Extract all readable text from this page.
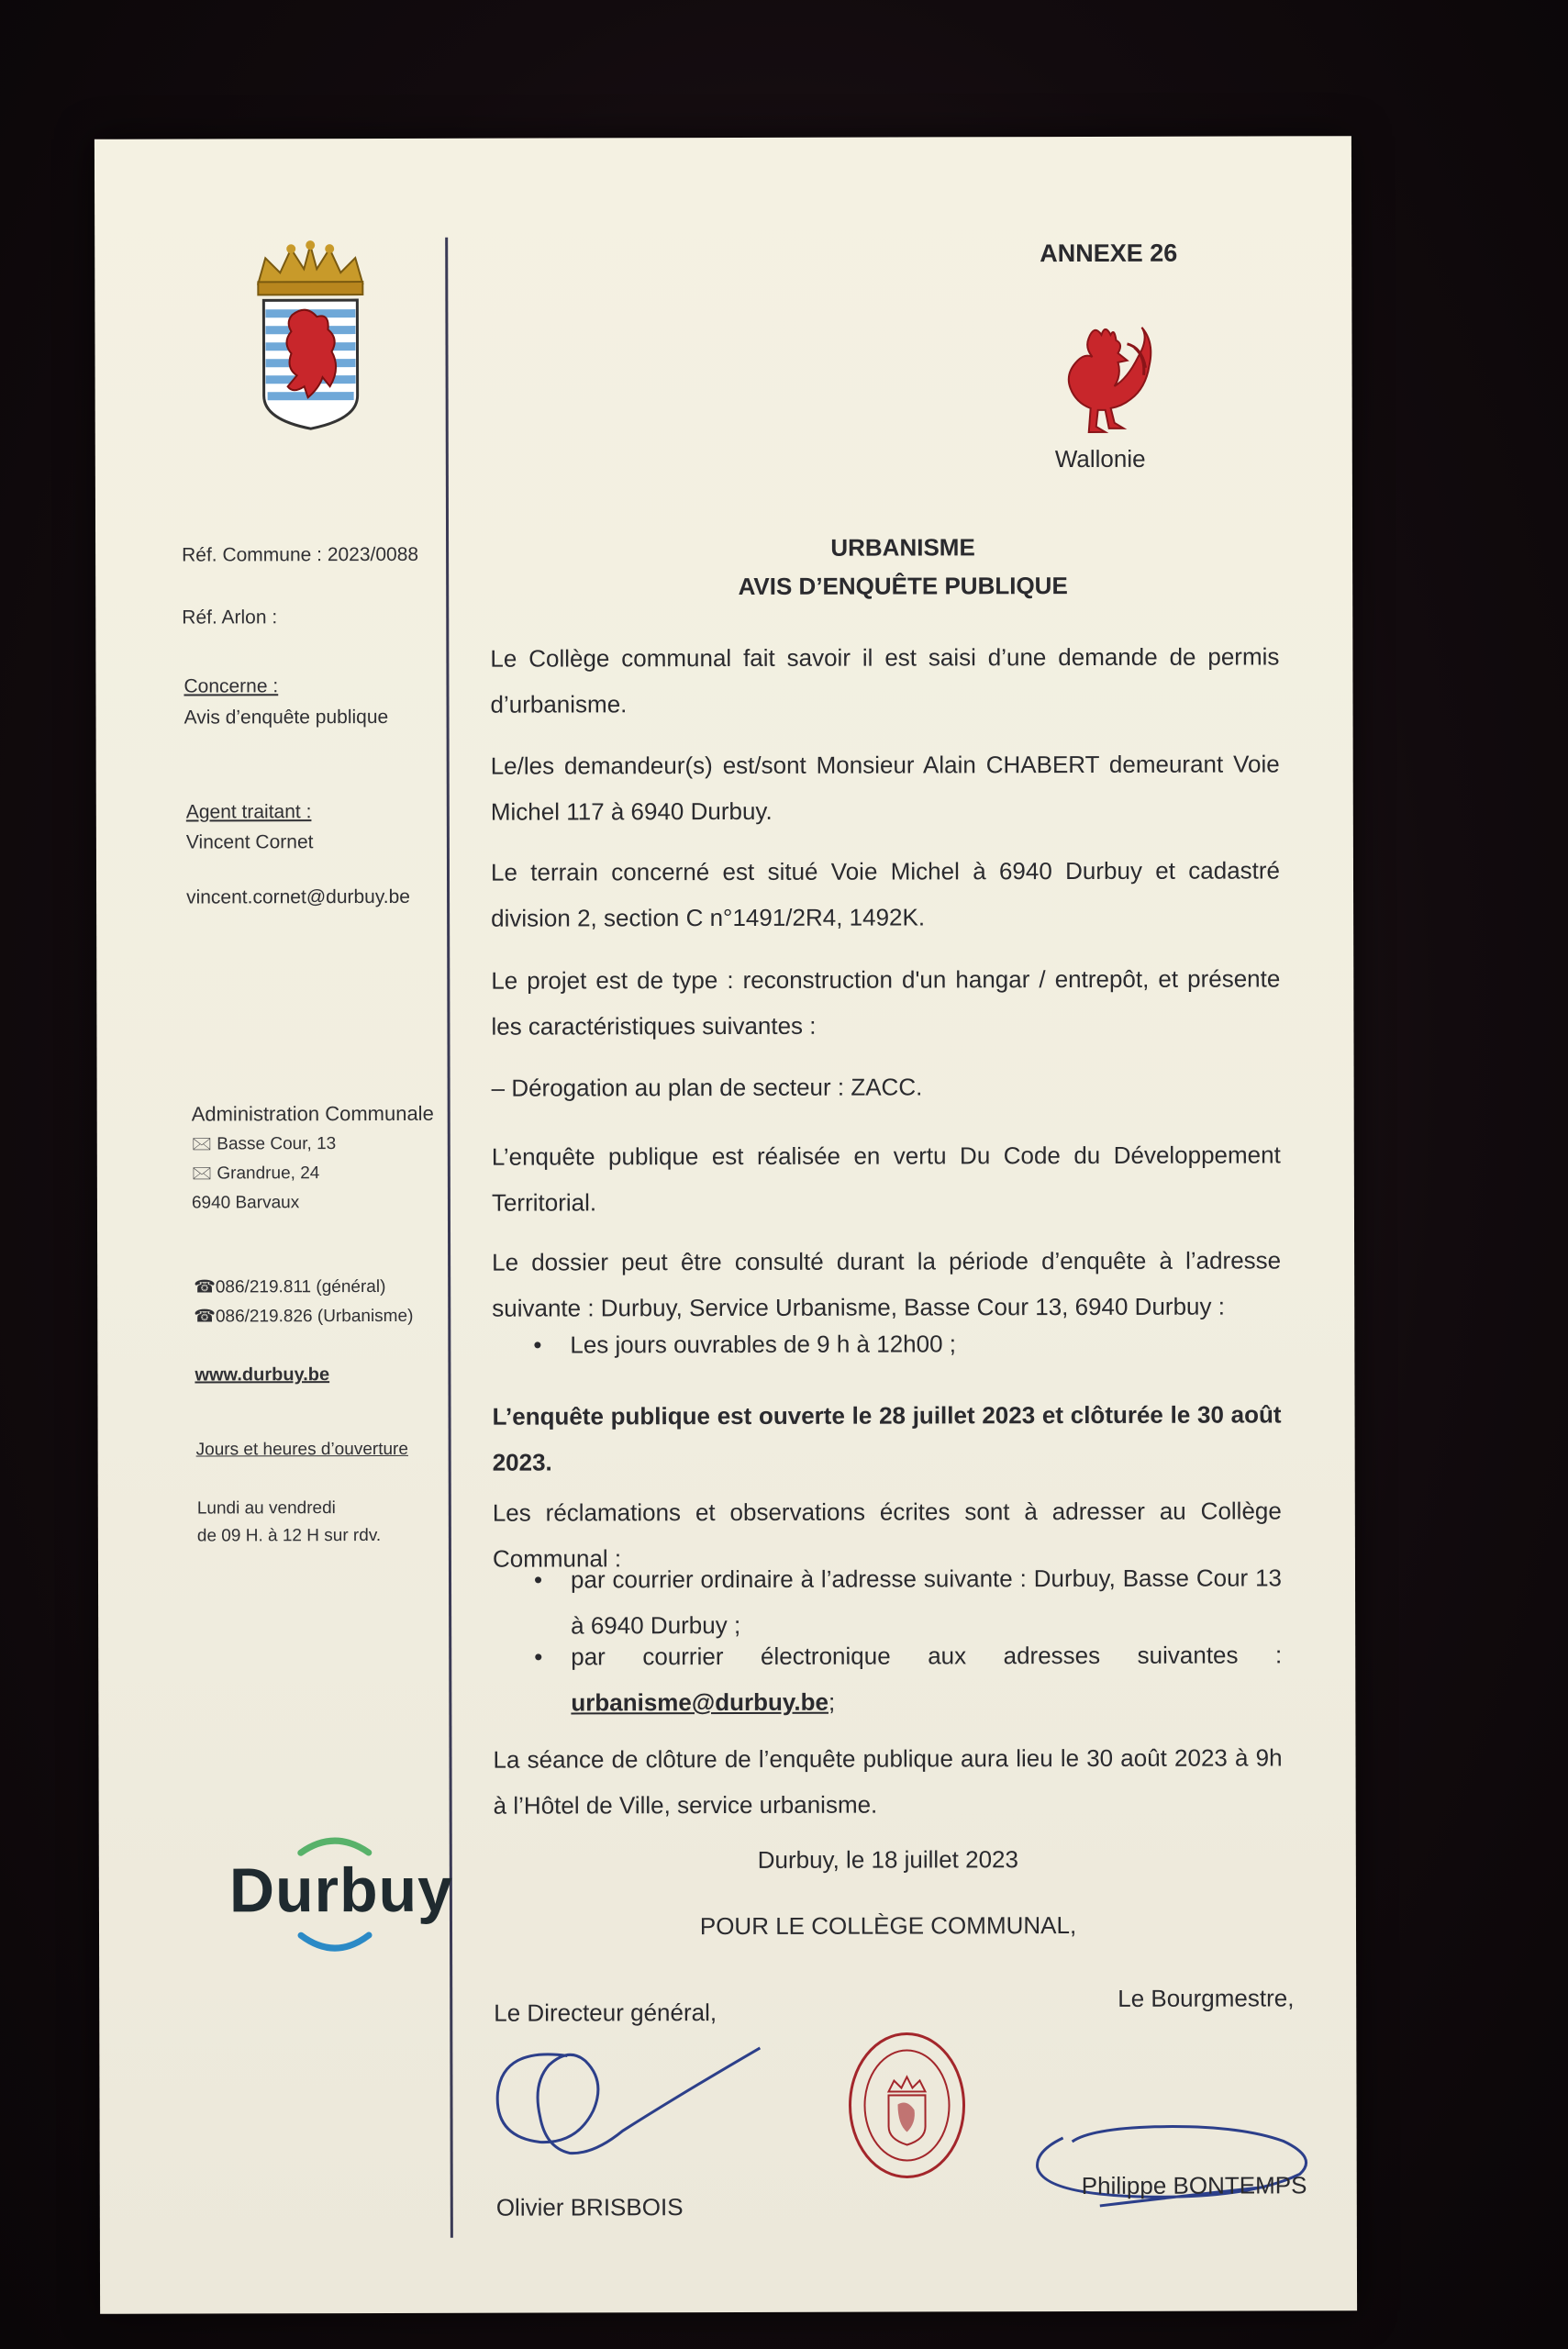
Réf. Commune : 2023/0088
Réf. Arlon :
Concerne :
Avis d’enquête publique
Agent traitant :
Vincent Cornet
vincent.cornet@durbuy.be
Administration Communale
🖂 Basse Cour, 13
🖂 Grandrue, 24
6940 Barvaux
☎086/219.811 (général)
☎086/219.826 (Urbanisme)
www.durbuy.be
Jours et heures d’ouverture
Lundi au vendredi
de 09 H. à 12 H sur rdv.
Durbuy
ANNEXE 26
Wallonie
URBANISME
AVIS D’ENQUÊTE PUBLIQUE
Le Collège communal fait savoir il est saisi d’une demande de permis d’urbanisme.
Le/les demandeur(s) est/sont Monsieur Alain CHABERT demeurant Voie Michel 117 à 6940 Durbuy.
Le terrain concerné est situé Voie Michel à 6940 Durbuy et cadastré division 2, section C n°1491/2R4, 1492K.
Le projet est de type : reconstruction d'un hangar / entrepôt, et présente les caractéristiques suivantes :
– Dérogation au plan de secteur : ZACC.
L’enquête publique est réalisée en vertu Du Code du Développement Territorial.
Le dossier peut être consulté durant la période d’enquête à l’adresse suivante : Durbuy, Service Urbanisme, Basse Cour 13, 6940 Durbuy :
• Les jours ouvrables de 9 h à 12h00 ;
L’enquête publique est ouverte le 28 juillet 2023 et clôturée le 30 août 2023.
Les réclamations et observations écrites sont à adresser au Collège Communal :
• par courrier ordinaire à l’adresse suivante : Durbuy, Basse Cour 13 à 6940 Durbuy ;
• par courrier électronique aux adresses suivantes :
urbanisme@durbuy.be;
La séance de clôture de l’enquête publique aura lieu le 30 août 2023 à 9h à l’Hôtel de Ville, service urbanisme.
Durbuy, le 18 juillet 2023
POUR LE COLLÈGE COMMUNAL,
Le Directeur général,
Le Bourgmestre,
Olivier BRISBOIS
Philippe BONTEMPS
